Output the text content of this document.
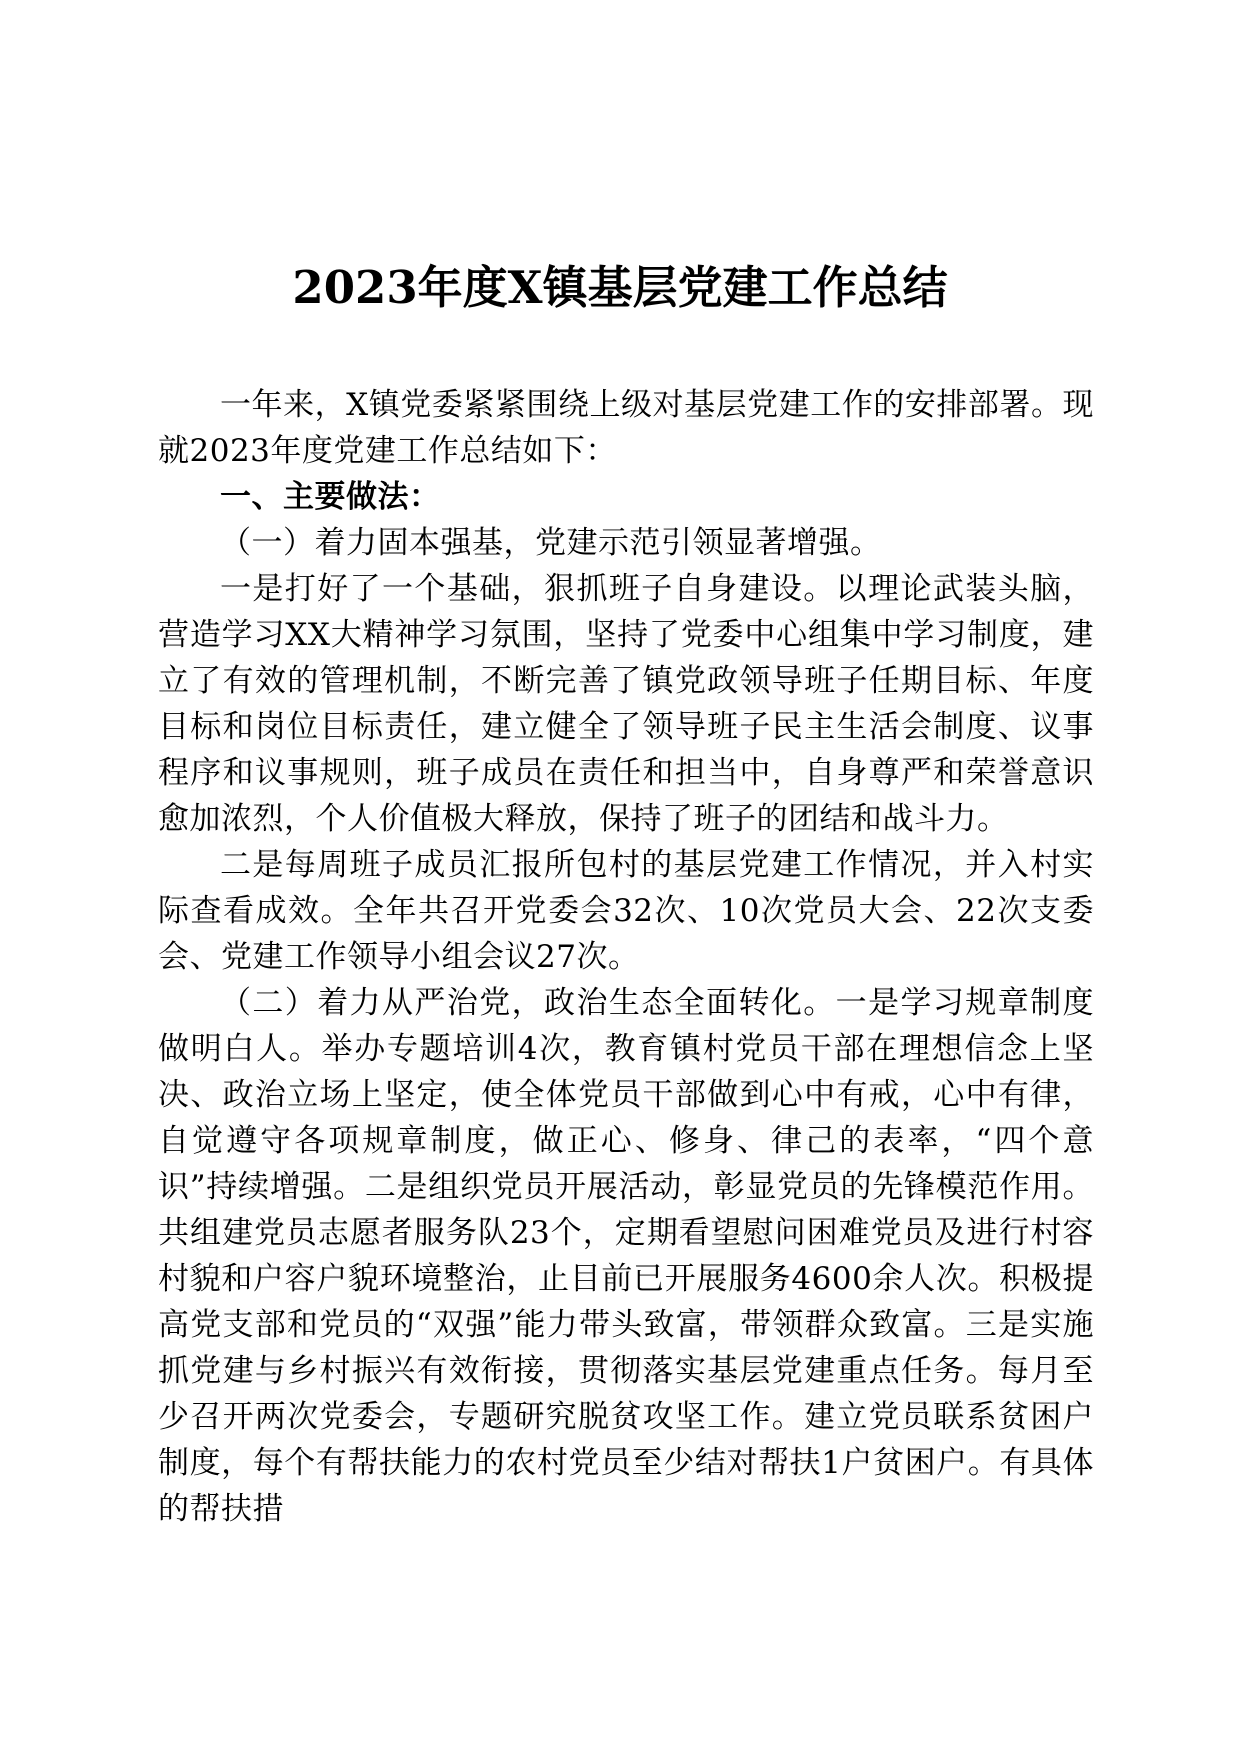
2023年度X镇基层党建工作总结

一年来，X镇党委紧紧围绕上级对基层党建工作的安排部署。现就2023年度党建工作总结如下：

一、主要做法：

（一）着力固本强基，党建示范引领显著增强。

一是打好了一个基础，狠抓班子自身建设。以理论武装头脑，营造学习XX大精神学习氛围，坚持了党委中心组集中学习制度，建立了有效的管理机制，不断完善了镇党政领导班子任期目标、年度目标和岗位目标责任，建立健全了领导班子民主生活会制度、议事程序和议事规则，班子成员在责任和担当中，自身尊严和荣誉意识愈加浓烈，个人价值极大释放，保持了班子的团结和战斗力。

二是每周班子成员汇报所包村的基层党建工作情况，并入村实际查看成效。全年共召开党委会32次、10次党员大会、22次支委会、党建工作领导小组会议27次。

（二）着力从严治党，政治生态全面转化。一是学习规章制度做明白人。举办专题培训4次，教育镇村党员干部在理想信念上坚决、政治立场上坚定，使全体党员干部做到心中有戒，心中有律，自觉遵守各项规章制度，做正心、修身、律己的表率，“四个意识”持续增强。二是组织党员开展活动，彰显党员的先锋模范作用。共组建党员志愿者服务队23个，定期看望慰问困难党员及进行村容村貌和户容户貌环境整治，止目前已开展服务4600余人次。积极提高党支部和党员的“双强”能力带头致富，带领群众致富。三是实施抓党建与乡村振兴有效衔接，贯彻落实基层党建重点任务。每月至少召开两次党委会，专题研究脱贫攻坚工作。建立党员联系贫困户制度，每个有帮扶能力的农村党员至少结对帮扶1户贫困户。有具体的帮扶措
